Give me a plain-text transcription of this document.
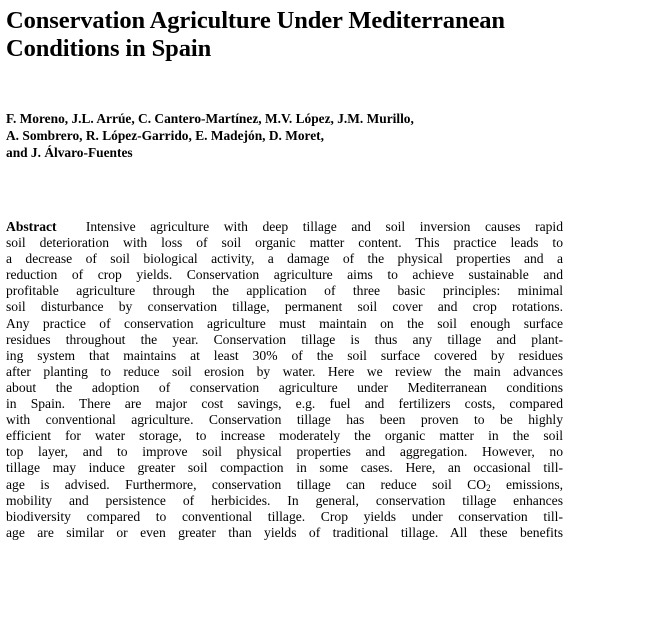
Conservation Agriculture Under Mediterranean
Conditions in Spain
F. Moreno, J.L. Arrúe, C. Cantero-Martínez, M.V. López, J.M. Murillo,
A. Sombrero, R. López-Garrido, E. Madejón, D. Moret,
and J. Álvaro-Fuentes
Abstract Intensive agriculture with deep tillage and soil inversion causes rapid
soil deterioration with loss of soil organic matter content. This practice leads to
a decrease of soil biological activity, a damage of the physical properties and a
reduction of crop yields. Conservation agriculture aims to achieve sustainable and
profitable agriculture through the application of three basic principles: minimal
soil disturbance by conservation tillage, permanent soil cover and crop rotations.
Any practice of conservation agriculture must maintain on the soil enough surface
residues throughout the year. Conservation tillage is thus any tillage and plant-
ing system that maintains at least 30% of the soil surface covered by residues
after planting to reduce soil erosion by water. Here we review the main advances
about the adoption of conservation agriculture under Mediterranean conditions
in Spain. There are major cost savings, e.g. fuel and fertilizers costs, compared
with conventional agriculture. Conservation tillage has been proven to be highly
efficient for water storage, to increase moderately the organic matter in the soil
top layer, and to improve soil physical properties and aggregation. However, no
tillage may induce greater soil compaction in some cases. Here, an occasional till-
age is advised. Furthermore, conservation tillage can reduce soil $CO_2$ emissions,
mobility and persistence of herbicides. In general, conservation tillage enhances
biodiversity compared to conventional tillage. Crop yields under conservation till-
age are similar or even greater than yields of traditional tillage. All these benefits
